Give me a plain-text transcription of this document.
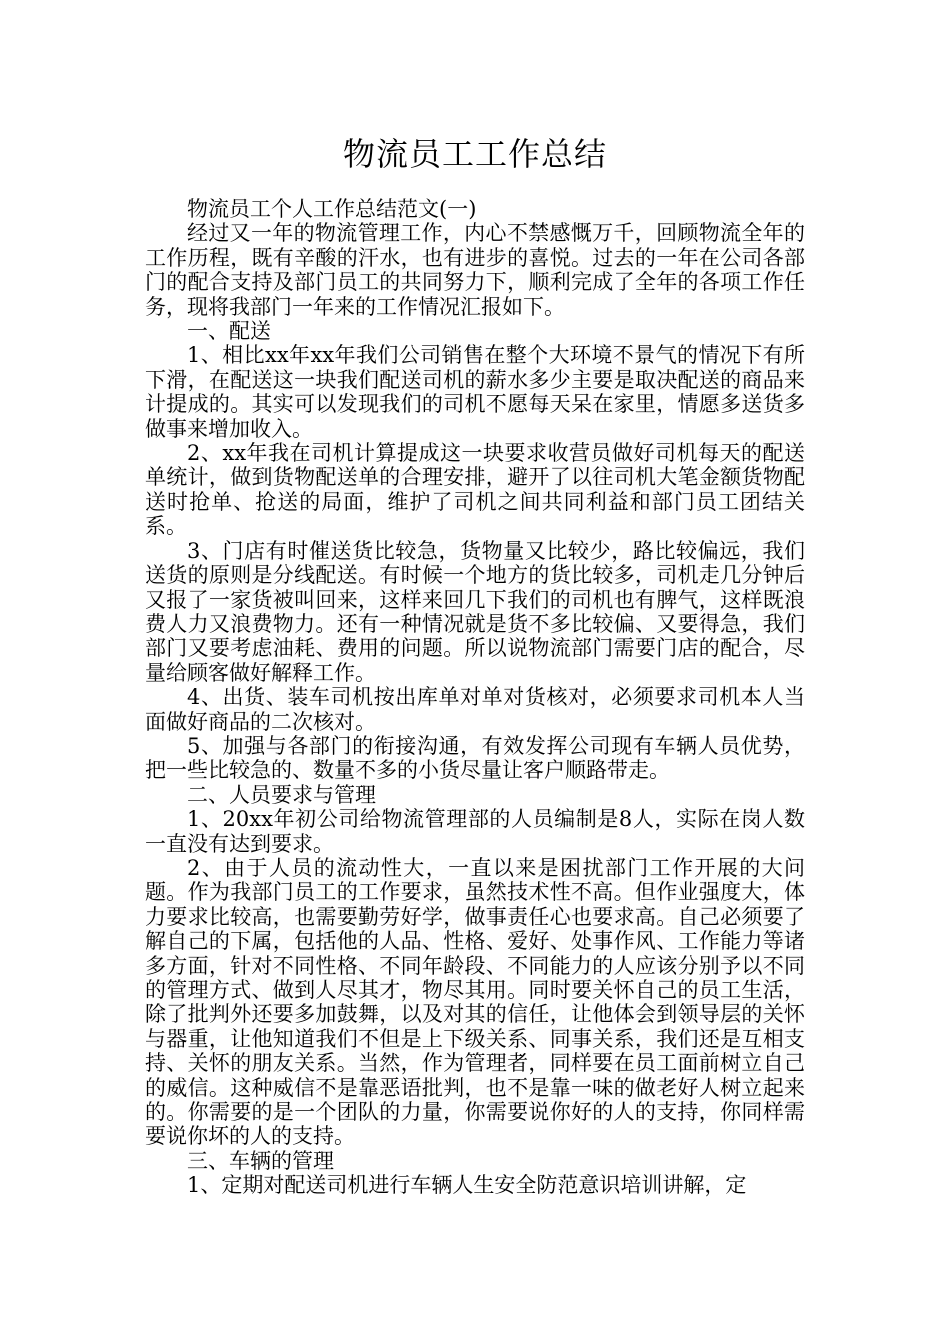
物流员工工作总结

物流员工个人工作总结范文(一)

经过又一年的物流管理工作，内心不禁感慨万千，回顾物流全年的工作历程，既有辛酸的汗水，也有进步的喜悦。过去的一年在公司各部门的配合支持及部门员工的共同努力下，顺利完成了全年的各项工作任务，现将我部门一年来的工作情况汇报如下。

一、配送

1、相比xx年xx年我们公司销售在整个大环境不景气的情况下有所下滑，在配送这一块我们配送司机的薪水多少主要是取决配送的商品来计提成的。其实可以发现我们的司机不愿每天呆在家里，情愿多送货多做事来增加收入。

2、xx年我在司机计算提成这一块要求收营员做好司机每天的配送单统计，做到货物配送单的合理安排，避开了以往司机大笔金额货物配送时抢单、抢送的局面，维护了司机之间共同利益和部门员工团结关系。

3、门店有时催送货比较急，货物量又比较少，路比较偏远，我们送货的原则是分线配送。有时候一个地方的货比较多，司机走几分钟后又报了一家货被叫回来，这样来回几下我们的司机也有脾气，这样既浪费人力又浪费物力。还有一种情况就是货不多比较偏、又要得急，我们部门又要考虑油耗、费用的问题。所以说物流部门需要门店的配合，尽量给顾客做好解释工作。

4、出货、装车司机按出库单对单对货核对，必须要求司机本人当面做好商品的二次核对。

5、加强与各部门的衔接沟通，有效发挥公司现有车辆人员优势，把一些比较急的、数量不多的小货尽量让客户顺路带走。

二、人员要求与管理

1、20xx年初公司给物流管理部的人员编制是8人，实际在岗人数一直没有达到要求。

2、由于人员的流动性大，一直以来是困扰部门工作开展的大问题。作为我部门员工的工作要求，虽然技术性不高。但作业强度大，体力要求比较高，也需要勤劳好学，做事责任心也要求高。自己必须要了解自己的下属，包括他的人品、性格、爱好、处事作风、工作能力等诸多方面，针对不同性格、不同年龄段、不同能力的人应该分别予以不同的管理方式、做到人尽其才，物尽其用。同时要关怀自己的员工生活，除了批判外还要多加鼓舞，以及对其的信任，让他体会到领导层的关怀与器重，让他知道我们不但是上下级关系、同事关系，我们还是互相支持、关怀的朋友关系。当然，作为管理者，同样要在员工面前树立自己的威信。这种威信不是靠恶语批判，也不是靠一味的做老好人树立起来的。你需要的是一个团队的力量，你需要说你好的人的支持，你同样需要说你坏的人的支持。

三、车辆的管理

1、定期对配送司机进行车辆人生安全防范意识培训讲解，定
